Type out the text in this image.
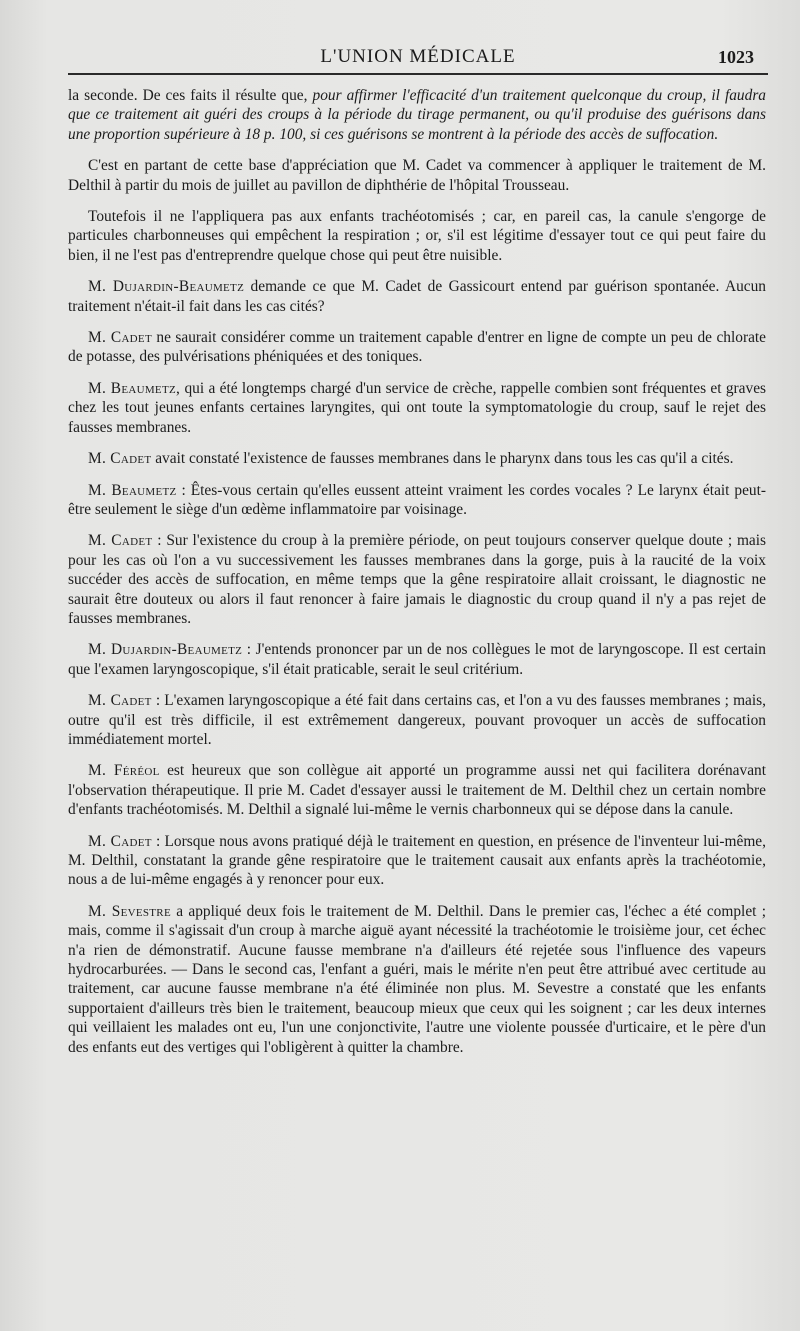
L'UNION MÉDICALE	1023

la seconde. De ces faits il résulte que, pour affirmer l'efficacité d'un traitement quelconque du croup, il faudra que ce traitement ait guéri des croups à la période du tirage permanent, ou qu'il produise des guérisons dans une proportion supérieure à 18 p. 100, si ces guérisons se montrent à la période des accès de suffocation.

C'est en partant de cette base d'appréciation que M. Cadet va commencer à appliquer le traitement de M. Delthil à partir du mois de juillet au pavillon de diphthérie de l'hôpital Trousseau.

Toutefois il ne l'appliquera pas aux enfants trachéotomisés ; car, en pareil cas, la canule s'engorge de particules charbonneuses qui empêchent la respiration ; or, s'il est légitime d'essayer tout ce qui peut faire du bien, il ne l'est pas d'entreprendre quelque chose qui peut être nuisible.

M. Dujardin-Beaumetz demande ce que M. Cadet de Gassicourt entend par guérison spontanée. Aucun traitement n'était-il fait dans les cas cités?

M. Cadet ne saurait considérer comme un traitement capable d'entrer en ligne de compte un peu de chlorate de potasse, des pulvérisations phéniquées et des toniques.

M. Beaumetz, qui a été longtemps chargé d'un service de crèche, rappelle combien sont fréquentes et graves chez les tout jeunes enfants certaines laryngites, qui ont toute la symptomatologie du croup, sauf le rejet des fausses membranes.

M. Cadet avait constaté l'existence de fausses membranes dans le pharynx dans tous les cas qu'il a cités.

M. Beaumetz : Êtes-vous certain qu'elles eussent atteint vraiment les cordes vocales ? Le larynx était peut-être seulement le siège d'un œdème inflammatoire par voisinage.

M. Cadet : Sur l'existence du croup à la première période, on peut toujours conserver quelque doute ; mais pour les cas où l'on a vu successivement les fausses membranes dans la gorge, puis à la raucité de la voix succéder des accès de suffocation, en même temps que la gêne respiratoire allait croissant, le diagnostic ne saurait être douteux ou alors il faut renoncer à faire jamais le diagnostic du croup quand il n'y a pas rejet de fausses membranes.

M. Dujardin-Beaumetz : J'entends prononcer par un de nos collègues le mot de laryngoscope. Il est certain que l'examen laryngoscopique, s'il était praticable, serait le seul critérium.

M. Cadet : L'examen laryngoscopique a été fait dans certains cas, et l'on a vu des fausses membranes ; mais, outre qu'il est très difficile, il est extrêmement dangereux, pouvant provoquer un accès de suffocation immédiatement mortel.

M. Féréol est heureux que son collègue ait apporté un programme aussi net qui facilitera dorénavant l'observation thérapeutique. Il prie M. Cadet d'essayer aussi le traitement de M. Delthil chez un certain nombre d'enfants trachéotomisés. M. Delthil a signalé lui-même le vernis charbonneux qui se dépose dans la canule.

M. Cadet : Lorsque nous avons pratiqué déjà le traitement en question, en présence de l'inventeur lui-même, M. Delthil, constatant la grande gêne respiratoire que le traitement causait aux enfants après la trachéotomie, nous a de lui-même engagés à y renoncer pour eux.

M. Sevestre a appliqué deux fois le traitement de M. Delthil. Dans le premier cas, l'échec a été complet ; mais, comme il s'agissait d'un croup à marche aiguë ayant nécessité la trachéotomie le troisième jour, cet échec n'a rien de démonstratif. Aucune fausse membrane n'a d'ailleurs été rejetée sous l'influence des vapeurs hydrocarburées. — Dans le second cas, l'enfant a guéri, mais le mérite n'en peut être attribué avec certitude au traitement, car aucune fausse membrane n'a été éliminée non plus. M. Sevestre a constaté que les enfants supportaient d'ailleurs très bien le traitement, beaucoup mieux que ceux qui les soignent ; car les deux internes qui veillaient les malades ont eu, l'un une conjonctivite, l'autre une violente poussée d'urticaire, et le père d'un des enfants eut des vertiges qui l'obligèrent à quitter la chambre.
